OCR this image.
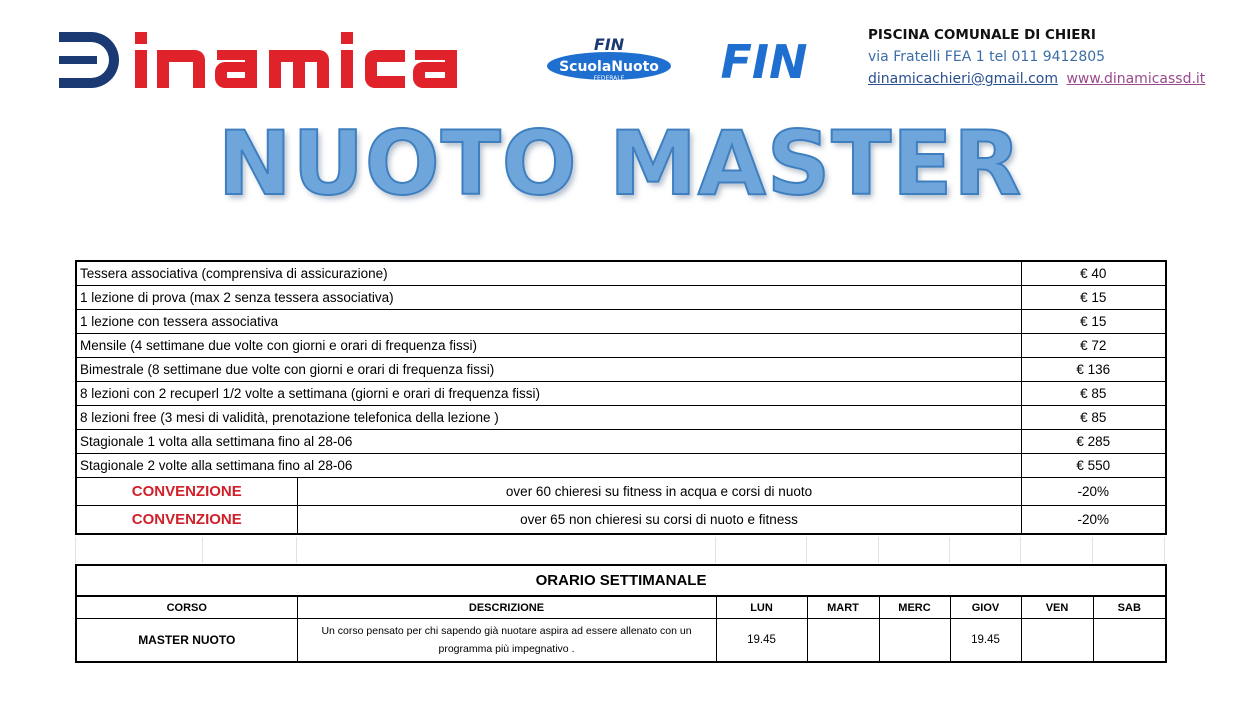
FIN
ScuolaNuoto
FEDERALE FIN	PISCINA COMUNALE DI CHIERI
via Fratelli FEA 1 tel 011 9412805
dinamicachieri@gmail.com www.dinamicassd.it
NUOTO MASTER
Tessera associativa (comprensiva di assicurazione)		€ 40
1 lezione di prova (max 2 senza tessera associativa)		€ 15
1 lezione con tessera associativa		€ 15
Mensile (4 settimane due volte con giorni e orari di frequenza fissi)		€ 72
Bimestrale (8 settimane due volte con giorni e orari di frequenza fissi)		€ 136
8 lezioni con 2 recuperl 1/2 volte a settimana (giorni e orari di frequenza fissi)		€ 85
8 lezioni free (3 mesi di validità, prenotazione telefonica della lezione )		€ 85
Stagionale 1 volta alla settimana fino al 28-06		€ 285
Stagionale 2 volte alla settimana fino al 28-06		€ 550
CONVENZIONE	over 60 chieresi su fitness in acqua e corsi di nuoto	-20%
CONVENZIONE	over 65 non chieresi su corsi di nuoto e fitness	-20%
ORARIO SETTIMANALE							
CORSO	DESCRIZIONE	LUN	MART	MERC	GIOV	VEN	SAB
MASTER NUOTO	Un corso pensato per chi sapendo già nuotare aspira ad essere allenato con un programma più impegnativo .	19.45			19.45		
